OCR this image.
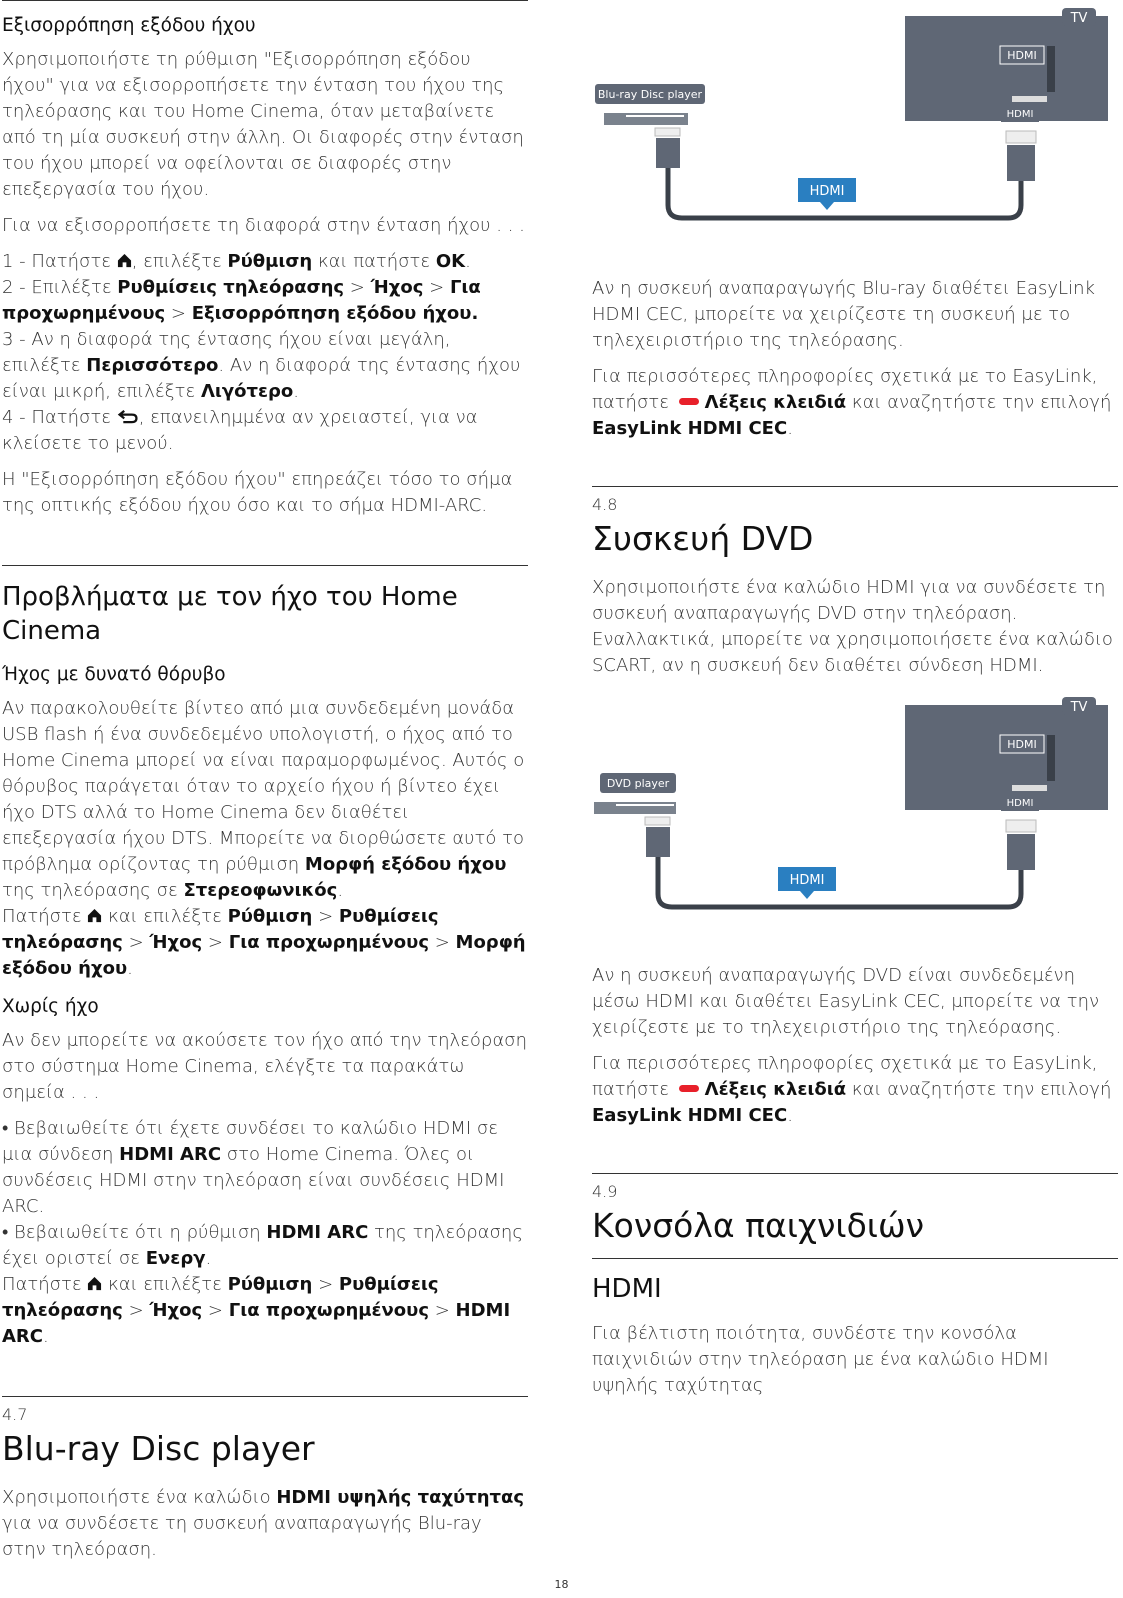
Εξισορρόπηση εξόδου ήχου

Χρησιμοποιήστε τη ρύθμιση "Εξισορρόπηση εξόδου ήχου" για να εξισορροπήσετε την ένταση του ήχου της τηλεόρασης και του Home Cinema, όταν μεταβαίνετε από τη μία συσκευή στην άλλη. Οι διαφορές στην ένταση του ήχου μπορεί να οφείλονται σε διαφορές στην επεξεργασία του ήχου.

Για να εξισορροπήσετε τη διαφορά στην ένταση ήχου . . .

1 - Πατήστε , επιλέξτε Ρύθμιση και πατήστε OK.
2 - Επιλέξτε Ρυθμίσεις τηλεόρασης > Ήχος > Για προχωρημένους > Εξισορρόπηση εξόδου ήχου.
3 - Αν η διαφορά της έντασης ήχου είναι μεγάλη, επιλέξτε Περισσότερο. Αν η διαφορά της έντασης ήχου είναι μικρή, επιλέξτε Λιγότερο.
4 - Πατήστε , επανειλημμένα αν χρειαστεί, για να κλείσετε το μενού.

Η "Εξισορρόπηση εξόδου ήχου" επηρεάζει τόσο το σήμα της οπτικής εξόδου ήχου όσο και το σήμα HDMI-ARC.

Προβλήματα με τον ήχο του Home Cinema
Ήχος με δυνατό θόρυβο

Αν παρακολουθείτε βίντεο από μια συνδεδεμένη μονάδα USB flash ή ένα συνδεδεμένο υπολογιστή, ο ήχος από το Home Cinema μπορεί να είναι παραμορφωμένος. Αυτός ο θόρυβος παράγεται όταν το αρχείο ήχου ή βίντεο έχει ήχο DTS αλλά το Home Cinema δεν διαθέτει επεξεργασία ήχου DTS. Μπορείτε να διορθώσετε αυτό το πρόβλημα ορίζοντας τη ρύθμιση Μορφή εξόδου ήχου της τηλεόρασης σε Στερεοφωνικός.

Πατήστε  και επιλέξτε Ρύθμιση > Ρυθμίσεις τηλεόρασης > Ήχος > Για προχωρημένους > Μορφή εξόδου ήχου.

Χωρίς ήχο

Αν δεν μπορείτε να ακούσετε τον ήχο από την τηλεόραση στο σύστημα Home Cinema, ελέγξτε τα παρακάτω σημεία . . .

• Βεβαιωθείτε ότι έχετε συνδέσει το καλώδιο HDMI σε μια σύνδεση HDMI ARC στο Home Cinema. Όλες οι συνδέσεις HDMI στην τηλεόραση είναι συνδέσεις HDMI ARC.

• Βεβαιωθείτε ότι η ρύθμιση HDMI ARC της τηλεόρασης έχει οριστεί σε Ενεργ.

Πατήστε  και επιλέξτε Ρύθμιση > Ρυθμίσεις τηλεόρασης > Ήχος > Για προχωρημένους > HDMI ARC.

4.7
Blu-ray Disc player

Χρησιμοποιήστε ένα καλώδιο HDMI υψηλής ταχύτητας για να συνδέσετε τη συσκευή αναπαραγωγής Blu-ray στην τηλεόραση.

TV
HDMI
HDMI
Blu-ray Disc player
HDMI

Αν η συσκευή αναπαραγωγής Blu-ray διαθέτει EasyLink HDMI CEC, μπορείτε να χειρίζεστε τη συσκευή με το τηλεχειριστήριο της τηλεόρασης.

Για περισσότερες πληροφορίες σχετικά με το EasyLink, πατήστε Λέξεις κλειδιά και αναζητήστε την επιλογή EasyLink HDMI CEC.

4.8
Συσκευή DVD

Χρησιμοποιήστε ένα καλώδιο HDMI για να συνδέσετε τη συσκευή αναπαραγωγής DVD στην τηλεόραση. Εναλλακτικά, μπορείτε να χρησιμοποιήσετε ένα καλώδιο SCART, αν η συσκευή δεν διαθέτει σύνδεση HDMI.

TV
HDMI
HDMI
DVD player
HDMI

Αν η συσκευή αναπαραγωγής DVD είναι συνδεδεμένη μέσω HDMI και διαθέτει EasyLink CEC, μπορείτε να την χειρίζεστε με το τηλεχειριστήριο της τηλεόρασης.

Για περισσότερες πληροφορίες σχετικά με το EasyLink, πατήστε Λέξεις κλειδιά και αναζητήστε την επιλογή EasyLink HDMI CEC.

4.9
Κονσόλα παιχνιδιών
HDMI

Για βέλτιστη ποιότητα, συνδέστε την κονσόλα παιχνιδιών στην τηλεόραση με ένα καλώδιο HDMI υψηλής ταχύτητας

18
